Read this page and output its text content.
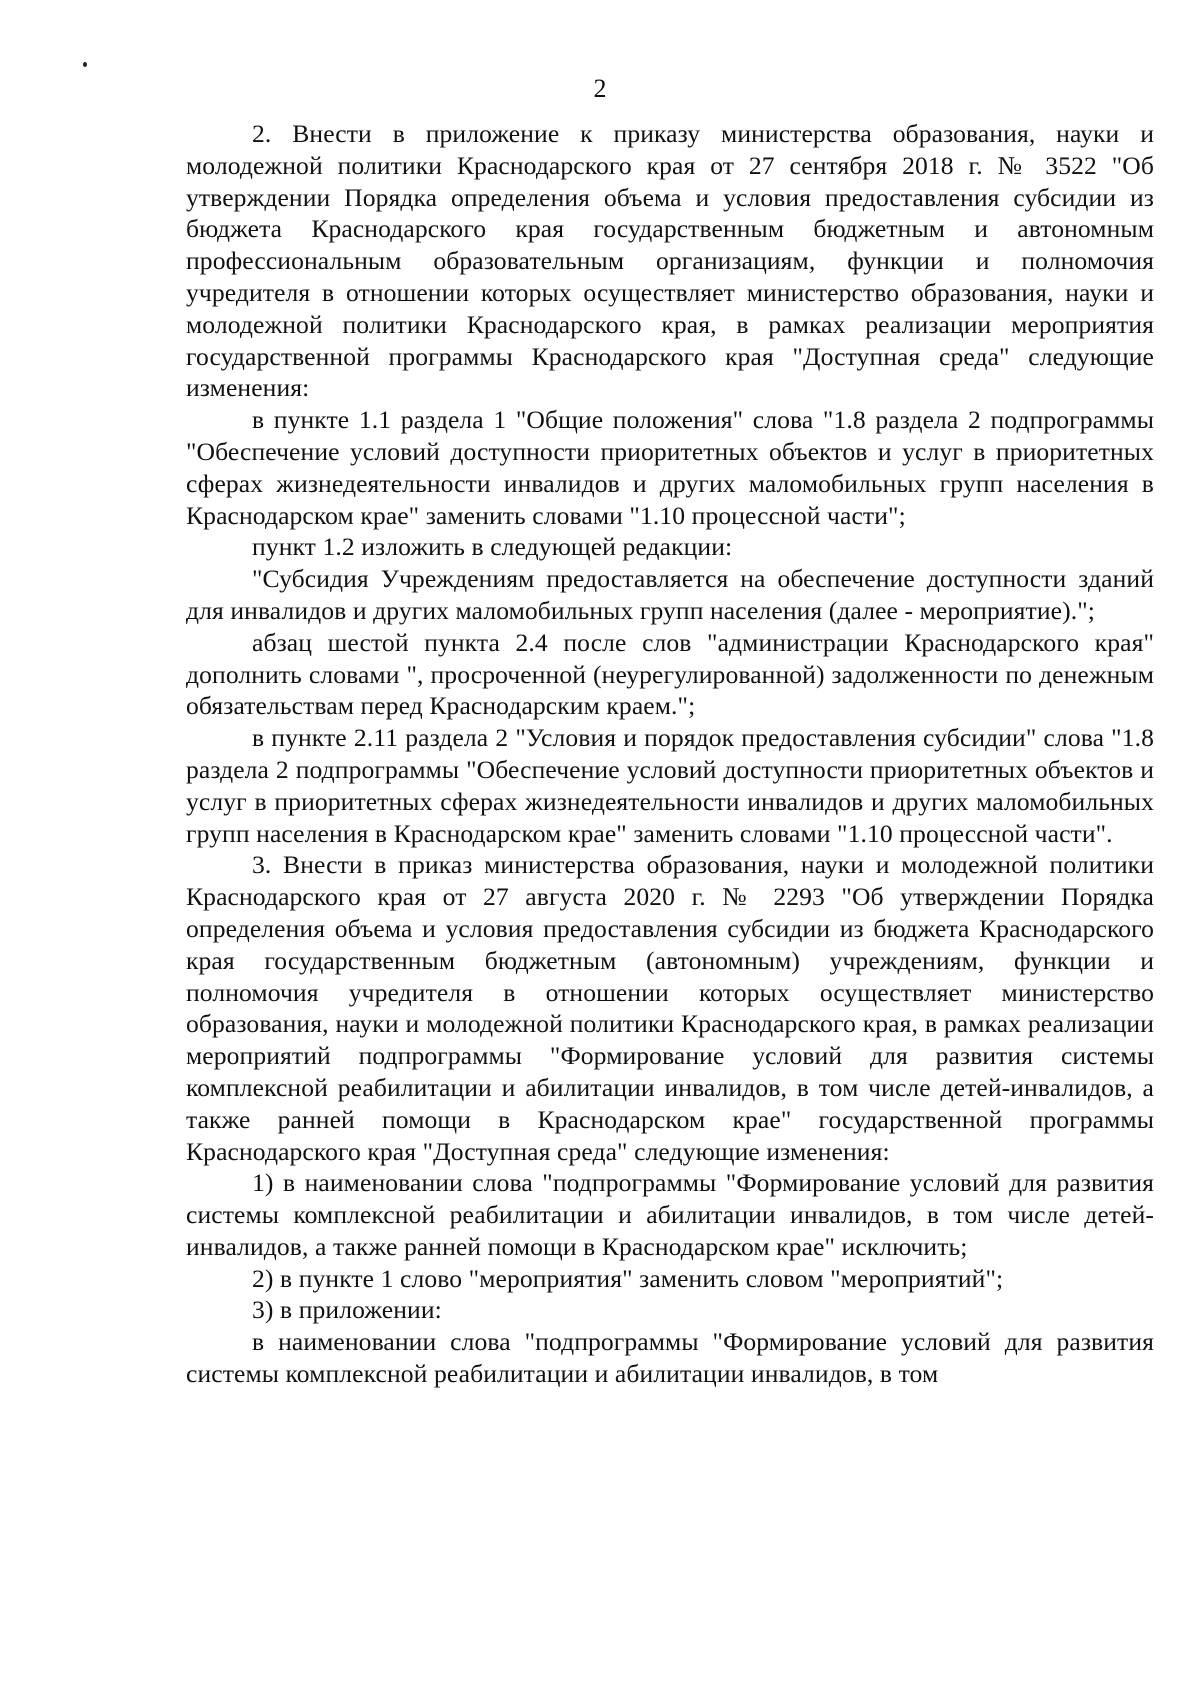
2

2. Внести в приложение к приказу министерства образования, науки и молодежной политики Краснодарского края от 27 сентября 2018 г. № 3522 "Об утверждении Порядка определения объема и условия предоставления субсидии из бюджета Краснодарского края государственным бюджетным и автономным профессиональным образовательным организациям, функции и полномочия учредителя в отношении которых осуществляет министерство образования, науки и молодежной политики Краснодарского края, в рамках реализации мероприятия государственной программы Краснодарского края "Доступная среда" следующие изменения:

в пункте 1.1 раздела 1 "Общие положения" слова "1.8 раздела 2 подпрограммы "Обеспечение условий доступности приоритетных объектов и услуг в приоритетных сферах жизнедеятельности инвалидов и других маломобильных групп населения в Краснодарском крае" заменить словами "1.10 процессной части";

пункт 1.2 изложить в следующей редакции:

"Субсидия Учреждениям предоставляется на обеспечение доступности зданий для инвалидов и других маломобильных групп населения (далее - мероприятие).";

абзац шестой пункта 2.4 после слов "администрации Краснодарского края" дополнить словами ", просроченной (неурегулированной) задолженности по денежным обязательствам перед Краснодарским краем.";

в пункте 2.11 раздела 2 "Условия и порядок предоставления субсидии" слова "1.8 раздела 2 подпрограммы "Обеспечение условий доступности приоритетных объектов и услуг в приоритетных сферах жизнедеятельности инвалидов и других маломобильных групп населения в Краснодарском крае" заменить словами "1.10 процессной части".

3. Внести в приказ министерства образования, науки и молодежной политики Краснодарского края от 27 августа 2020 г. № 2293 "Об утверждении Порядка определения объема и условия предоставления субсидии из бюджета Краснодарского края государственным бюджетным (автономным) учреждениям, функции и полномочия учредителя в отношении которых осуществляет министерство образования, науки и молодежной политики Краснодарского края, в рамках реализации мероприятий подпрограммы "Формирование условий для развития системы комплексной реабилитации и абилитации инвалидов, в том числе детей-инвалидов, а также ранней помощи в Краснодарском крае" государственной программы Краснодарского края "Доступная среда" следующие изменения:

1) в наименовании слова "подпрограммы "Формирование условий для развития системы комплексной реабилитации и абилитации инвалидов, в том числе детей-инвалидов, а также ранней помощи в Краснодарском крае" исключить;

2) в пункте 1 слово "мероприятия" заменить словом "мероприятий";

3) в приложении:

в наименовании слова "подпрограммы "Формирование условий для развития системы комплексной реабилитации и абилитации инвалидов, в том
